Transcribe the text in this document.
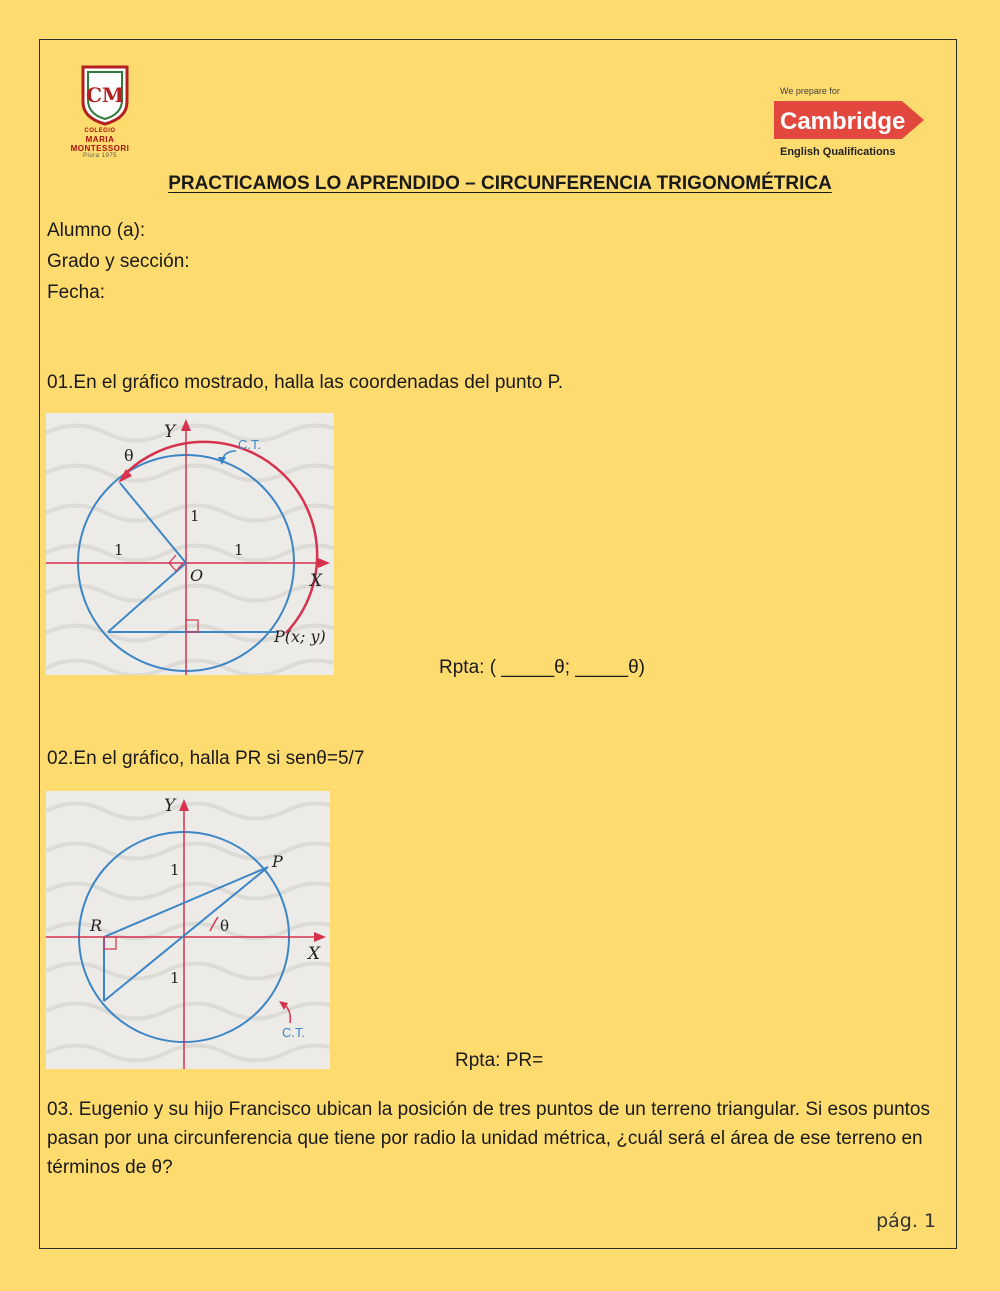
CM
COLEGIO
MARIA
MONTESSORI
Piura 1975
We prepare for
Cambridge
English Qualifications
PRACTICAMOS LO APRENDIDO – CIRCUNFERENCIA TRIGONOMÉTRICA
Alumno (a):
Grado y sección:
Fecha:
01.En el gráfico mostrado, halla las coordenadas del punto P.
Y
X
C.T.
θ
1	1
1
O
P(x; y)
Rpta: ( _____θ; _____θ)
02.En el gráfico, halla PR si senθ=5/7
Y
X
P
R	θ
1
1
C.T.
Rpta: PR=
03. Eugenio y su hijo Francisco ubican la posición de tres puntos de un terreno triangular. Si esos puntos pasan por una circunferencia que tiene por radio la unidad métrica, ¿cuál será el área de ese terreno en términos de θ?
pág. 1
